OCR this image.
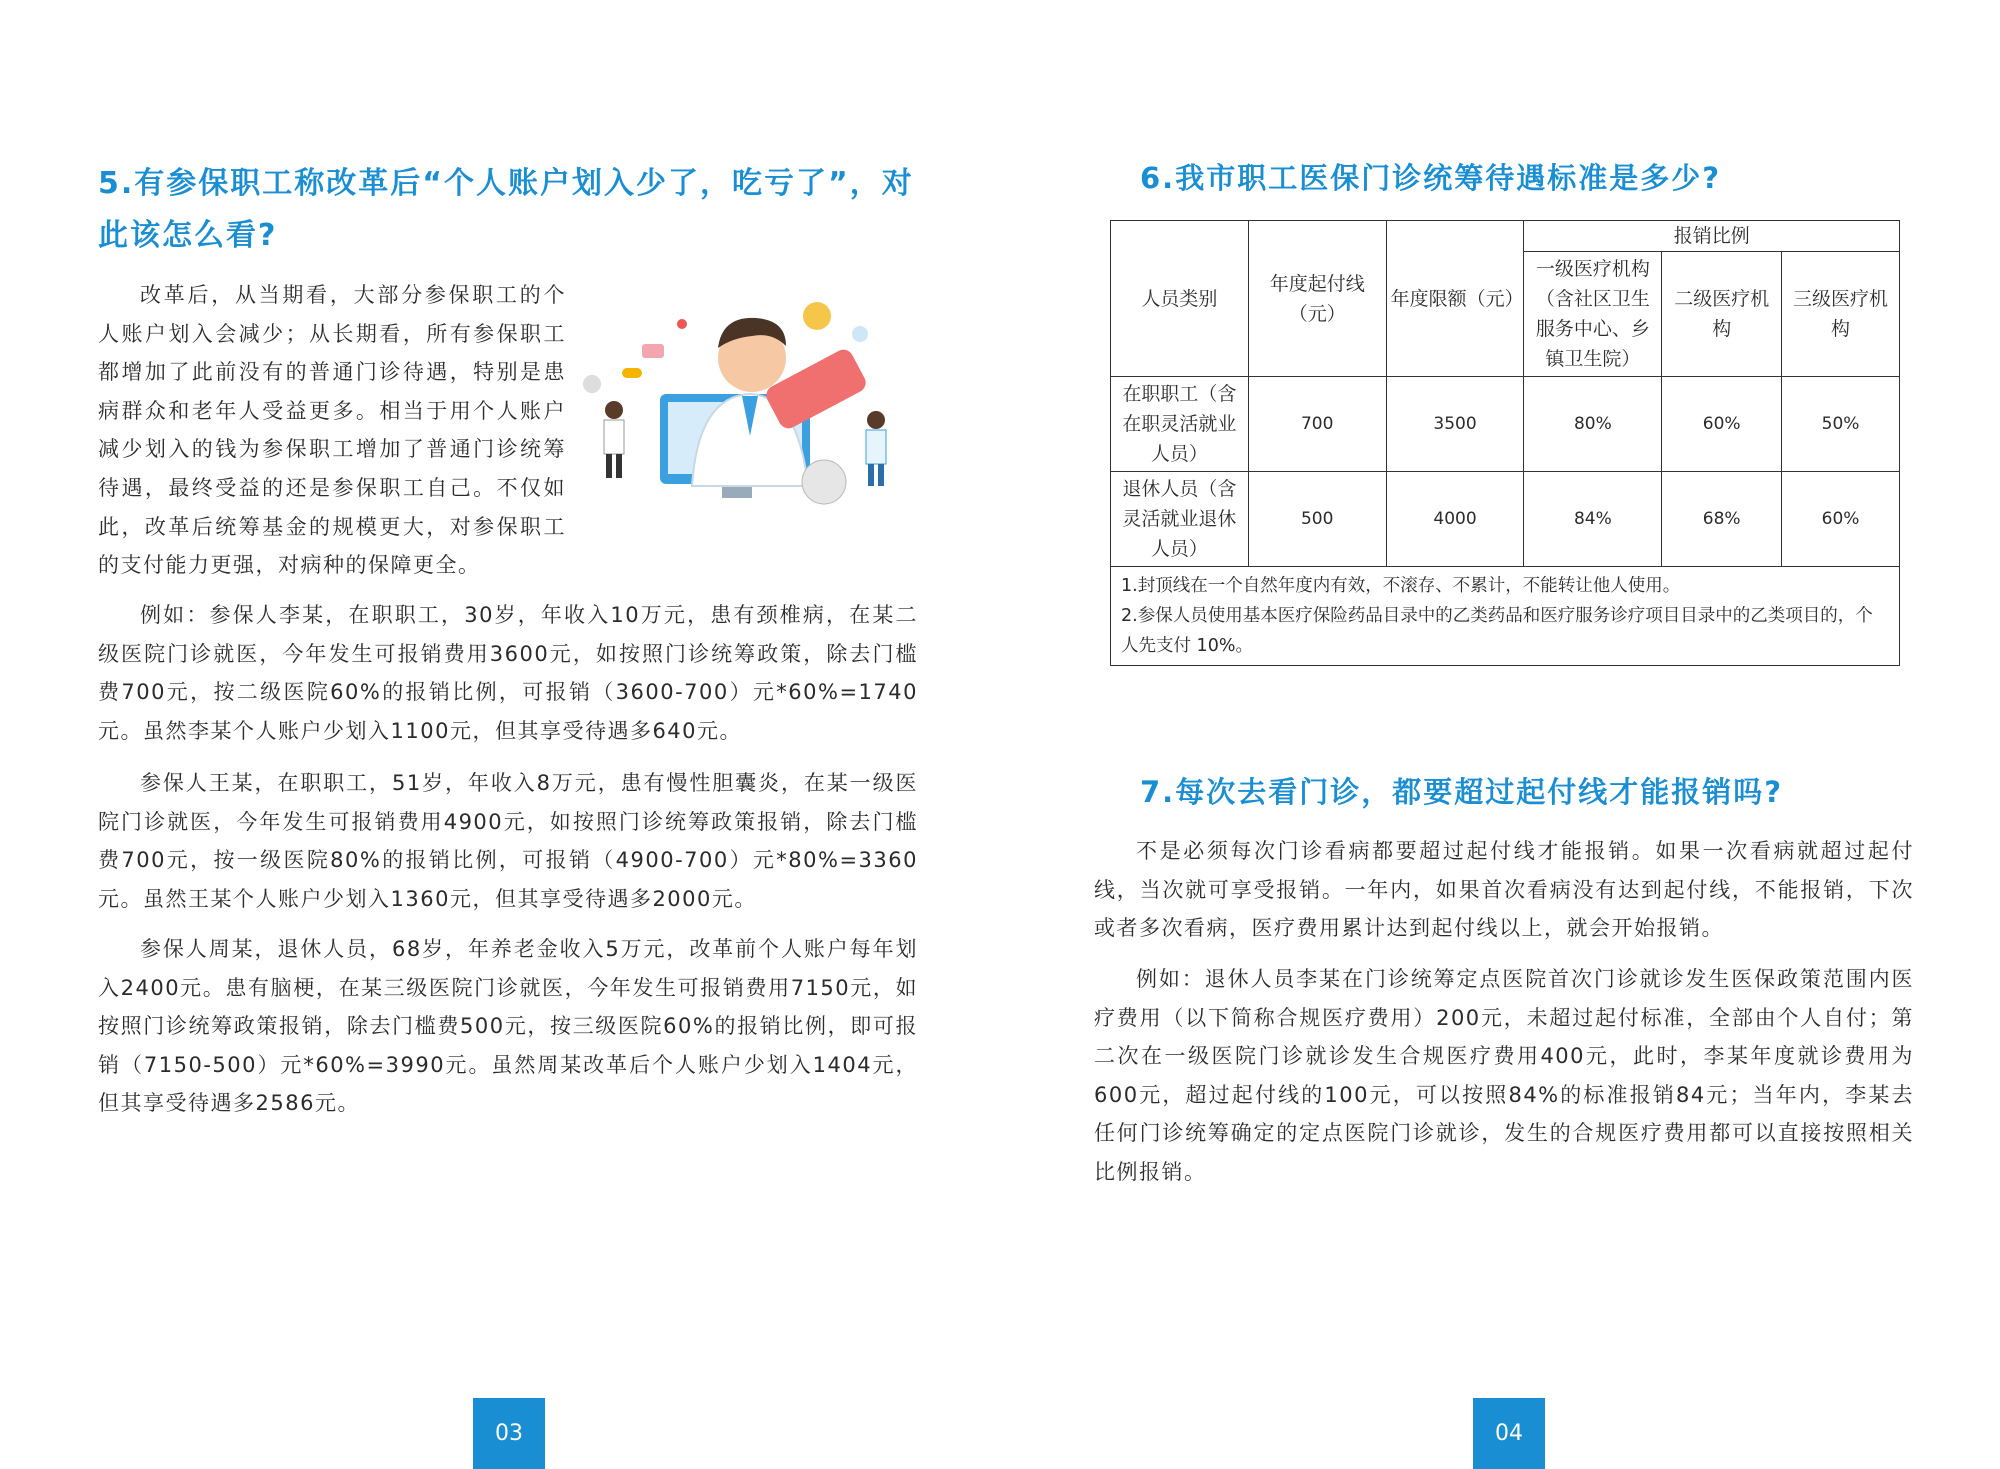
5.有参保职工称改革后“个人账户划入少了，吃亏了”，对此该怎么看?

改革后，从当期看，大部分参保职工的个人账户划入会减少；从长期看，所有参保职工都增加了此前没有的普通门诊待遇，特别是患病群众和老年人受益更多。相当于用个人账户减少划入的钱为参保职工增加了普通门诊统筹待遇，最终受益的还是参保职工自己。不仅如此，改革后统筹基金的规模更大，对参保职工的支付能力更强，对病种的保障更全。

例如：参保人李某，在职职工，30岁，年收入10万元，患有颈椎病，在某二级医院门诊就医，今年发生可报销费用3600元，如按照门诊统筹政策，除去门槛费700元，按二级医院60%的报销比例，可报销（3600-700）元*60%=1740元。虽然李某个人账户少划入1100元，但其享受待遇多640元。

参保人王某，在职职工，51岁，年收入8万元，患有慢性胆囊炎，在某一级医院门诊就医，今年发生可报销费用4900元，如按照门诊统筹政策报销，除去门槛费700元，按一级医院80%的报销比例，可报销（4900-700）元*80%=3360元。虽然王某个人账户少划入1360元，但其享受待遇多2000元。

参保人周某，退休人员，68岁，年养老金收入5万元，改革前个人账户每年划入2400元。患有脑梗，在某三级医院门诊就医，今年发生可报销费用7150元，如按照门诊统筹政策报销，除去门槛费500元，按三级医院60%的报销比例，即可报销（7150-500）元*60%=3990元。虽然周某改革后个人账户少划入1404元，但其享受待遇多2586元。

03
6.我市职工医保门诊统筹待遇标准是多少?
人员类别	年度起付线（元）	年度限额（元）	报销比例		
			一级医疗机构（含社区卫生服务中心、乡镇卫生院）	二级医疗机构	三级医疗机构
在职职工（含在职灵活就业人员）	700	3500	80%	60%	50%
退休人员（含灵活就业退休人员）	500	4000	84%	68%	60%

1.封顶线在一个自然年度内有效，不滚存、不累计，不能转让他人使用。
2.参保人员使用基本医疗保险药品目录中的乙类药品和医疗服务诊疗项目目录中的乙类项目的，个人先支付 10%。					
7.每次去看门诊，都要超过起付线才能报销吗?

不是必须每次门诊看病都要超过起付线才能报销。如果一次看病就超过起付线，当次就可享受报销。一年内，如果首次看病没有达到起付线，不能报销，下次或者多次看病，医疗费用累计达到起付线以上，就会开始报销。

例如：退休人员李某在门诊统筹定点医院首次门诊就诊发生医保政策范围内医疗费用（以下简称合规医疗费用）200元，未超过起付标准，全部由个人自付；第二次在一级医院门诊就诊发生合规医疗费用400元，此时，李某年度就诊费用为600元，超过起付线的100元，可以按照84%的标准报销84元；当年内，李某去任何门诊统筹确定的定点医院门诊就诊，发生的合规医疗费用都可以直接按照相关比例报销。

04
